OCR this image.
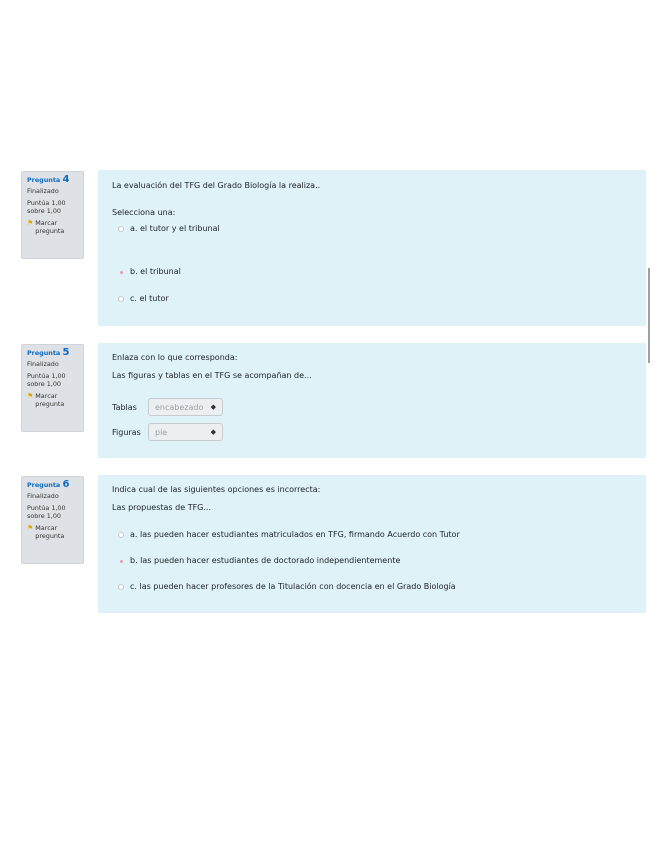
Pregunta 4
Finalizado
Puntúa 1,00 sobre 1,00
⚑ Marcar pregunta
La evaluación del TFG del Grado Biología la realiza..
Selecciona una:
a. el tutor y el tribunal
b. el tribunal
c. el tutor
Pregunta 5
Finalizado
Puntúa 1,00 sobre 1,00
⚑ Marcar pregunta
Enlaza con lo que corresponda:
Las figuras y tablas en el TFG se acompañan de...
Tablas	encabezado ◆
Figuras	pie	◆
Pregunta 6
Finalizado
Puntúa 1,00 sobre 1,00
⚑ Marcar pregunta
Indica cual de las siguientes opciones es incorrecta:
Las propuestas de TFG...
a. las pueden hacer estudiantes matriculados en TFG, firmando Acuerdo con Tutor
b. las pueden hacer estudiantes de doctorado independientemente
c. las pueden hacer profesores de la Titulación con docencia en el Grado Biología
